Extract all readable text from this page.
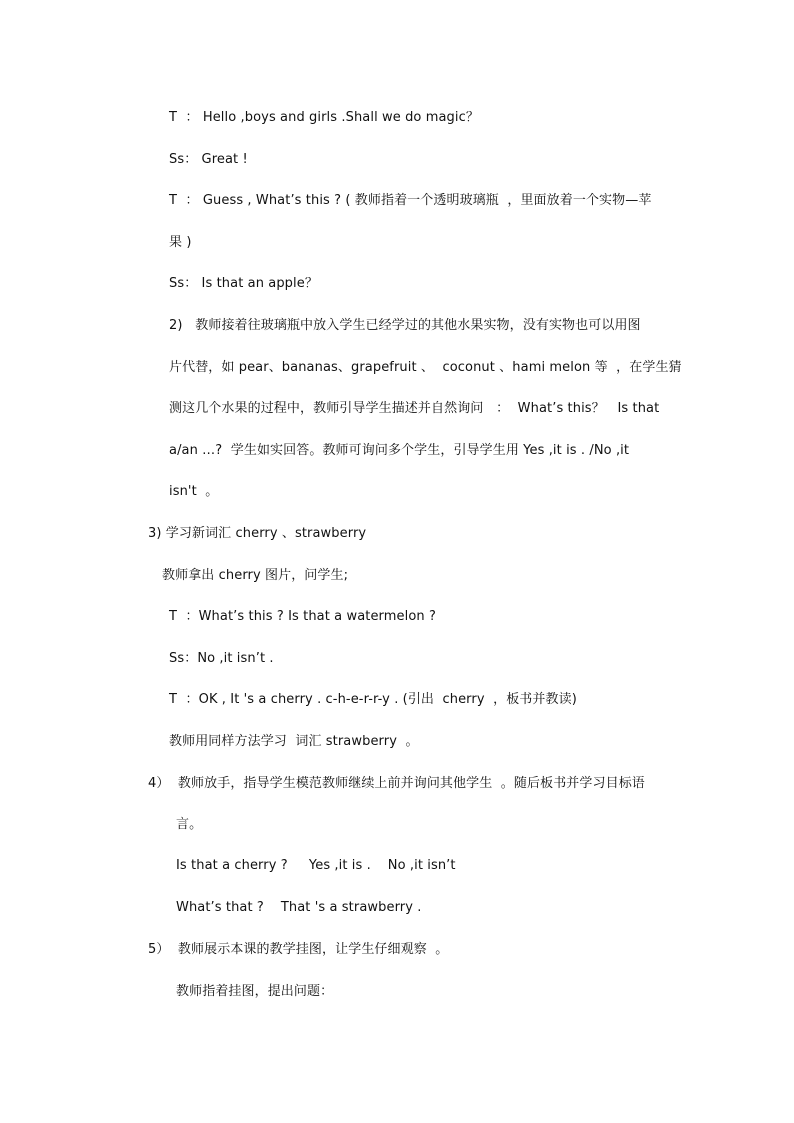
T  ： Hello ,boys and girls .Shall we do magic？
Ss： Great !
T  ： Guess , What’s this ? ( 教师指着一个透明玻璃瓶  ，里面放着一个实物—苹
果 )
Ss： Is that an apple？
2)   教师接着往玻璃瓶中放入学生已经学过的其他水果实物，没有实物也可以用图
片代替，如 pear、bananas、grapefruit 、  coconut 、hami melon 等  ，在学生猜
测这几个水果的过程中，教师引导学生描述并自然询问   ：  What’s this？   Is that
a/an …?  学生如实回答。教师可询问多个学生，引导学生用 Yes ,it is . /No ,it
isn't  。
3) 学习新词汇 cherry 、strawberry
教师拿出 cherry 图片，问学生;
T  ：What’s this ? Is that a watermelon ?
Ss：No ,it isn’t .
T  ：OK , It 's a cherry . c-h-e-r-r-y . (引出  cherry  ，板书并教读)
教师用同样方法学习  词汇 strawberry  。
4）  教师放手，指导学生模范教师继续上前并询问其他学生  。随后板书并学习目标语
言。
Is that a cherry ?     Yes ,it is .    No ,it isn’t
What’s that ?    That 's a strawberry .
5）  教师展示本课的教学挂图，让学生仔细观察  。
教师指着挂图，提出问题：
